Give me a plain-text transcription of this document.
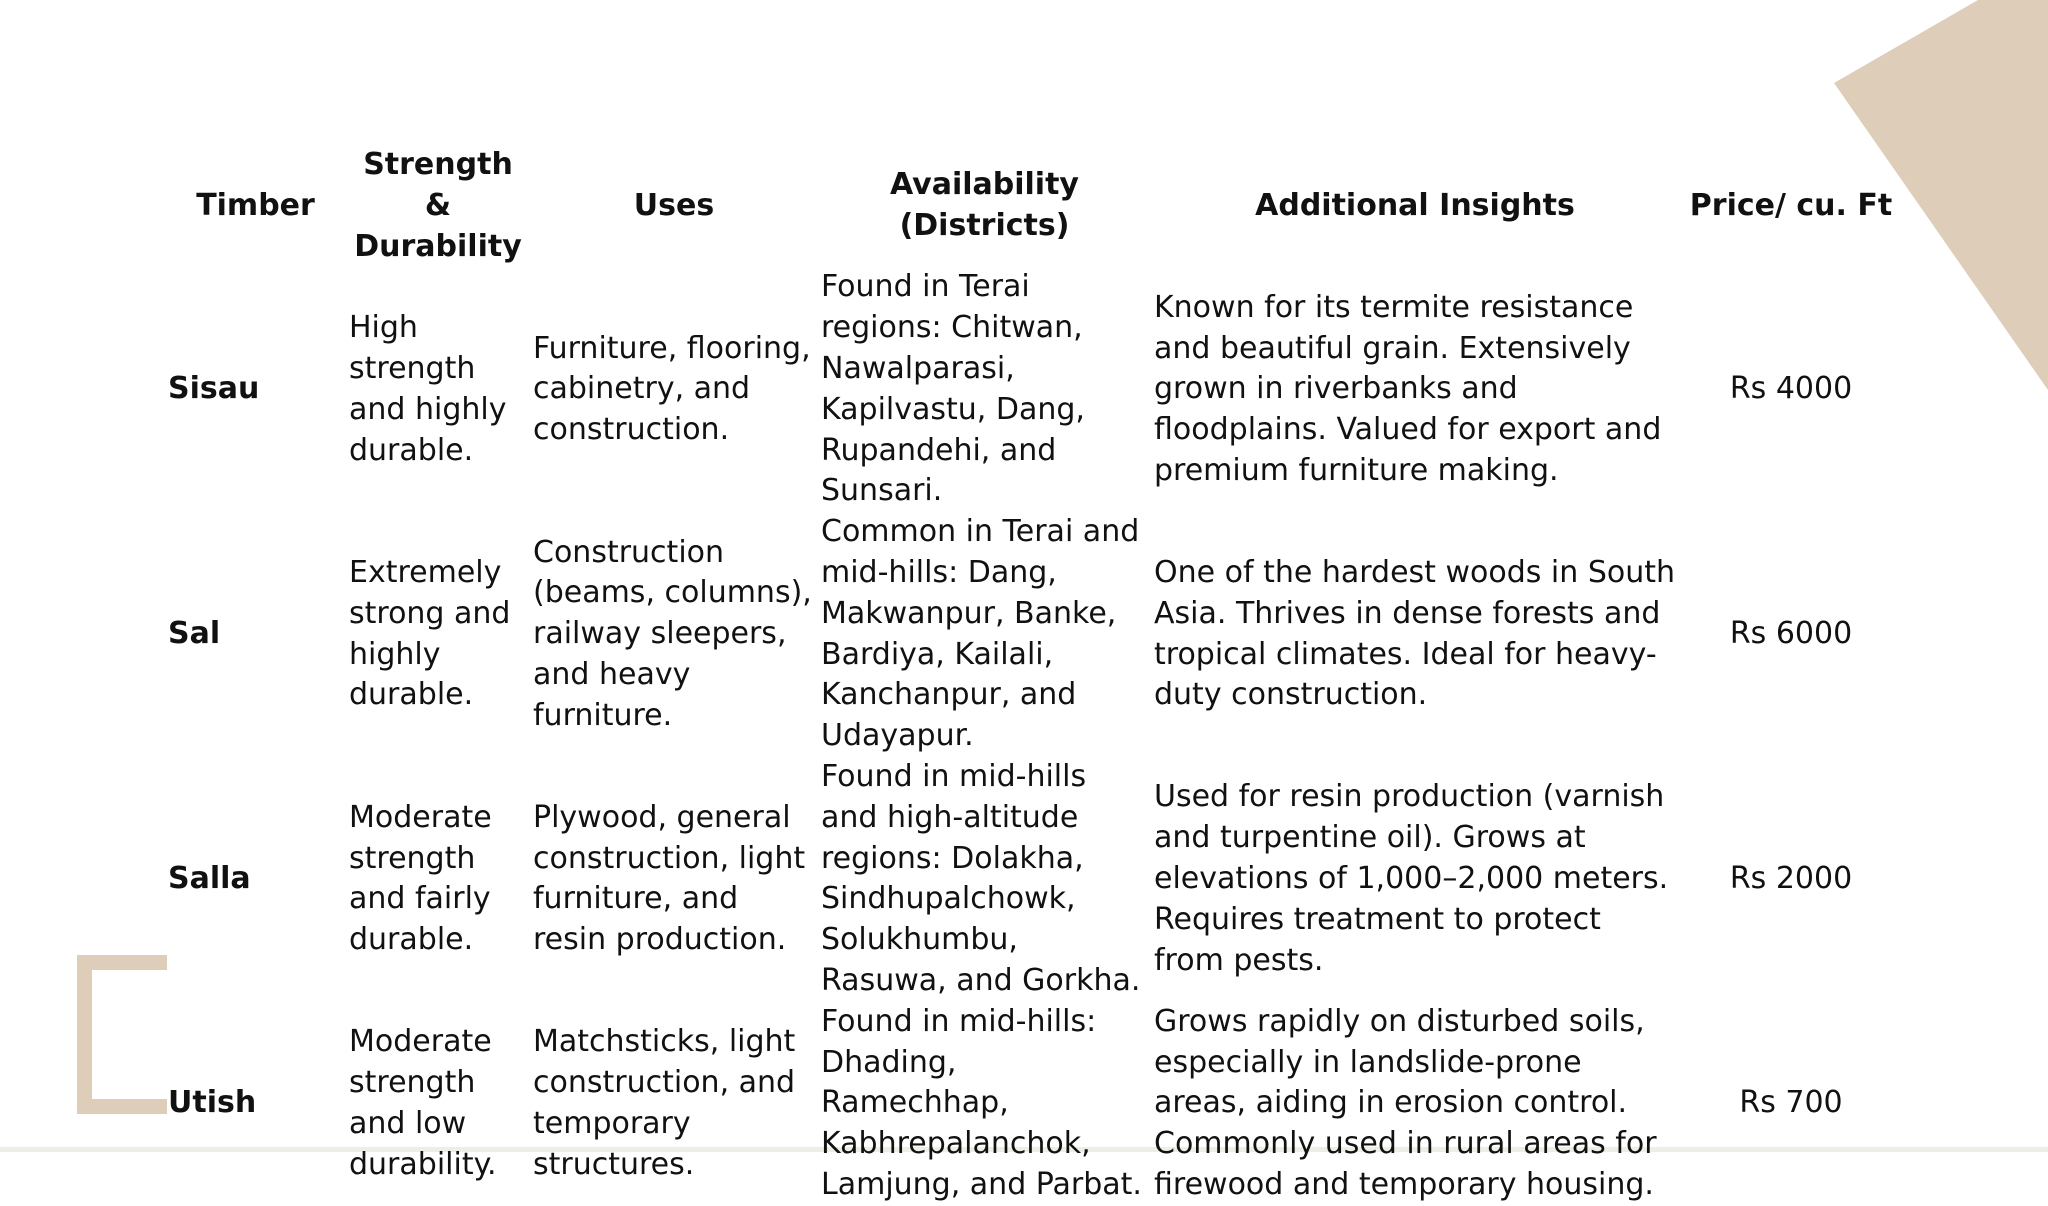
Timber	Strength & Durability	Uses	Availability (Districts)	Additional Insights	Price/ cu. Ft
Sisau	High strength and highly durable.	Furniture, flooring, cabinetry, and construction.	Found in Terai regions: Chitwan, Nawalparasi, Kapilvastu, Dang, Rupandehi, and Sunsari.	Known for its termite resistance and beautiful grain. Extensively grown in riverbanks and floodplains. Valued for export and premium furniture making.	Rs 4000
Sal	Extremely strong and highly durable.	Construction (beams, columns), railway sleepers, and heavy furniture.	Common in Terai and mid-hills: Dang, Makwanpur, Banke, Bardiya, Kailali, Kanchanpur, and Udayapur.	One of the hardest woods in South Asia. Thrives in dense forests and tropical climates. Ideal for heavy-duty construction.	Rs 6000
Salla	Moderate strength and fairly durable.	Plywood, general construction, light furniture, and resin production.	Found in mid-hills and high-altitude regions: Dolakha, Sindhupalchowk, Solukhumbu, Rasuwa, and Gorkha.	Used for resin production (varnish and turpentine oil). Grows at elevations of 1,000–2,000 meters. Requires treatment to protect from pests.	Rs 2000
Utish	Moderate strength and low durability.	Matchsticks, light construction, and temporary structures.	Found in mid-hills: Dhading, Ramechhap, Kabhrepalanchok, Lamjung, and Parbat.	Grows rapidly on disturbed soils, especially in landslide-prone areas, aiding in erosion control. Commonly used in rural areas for firewood and temporary housing.	Rs 700
